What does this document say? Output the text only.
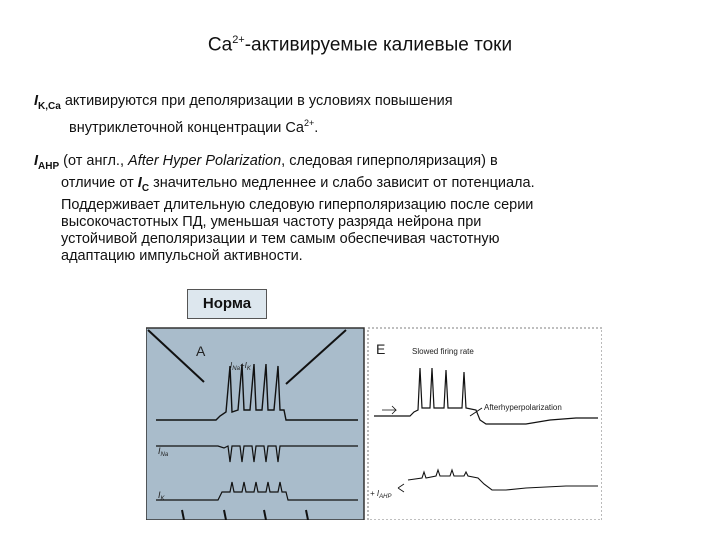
$Ca^{2+}$-активируемые калиевые токи
$I_{K,Ca}$ активируются при деполяризации в условиях повышения
внутриклеточной концентрации $Ca^{2+}$.
$I_{AHP}$ (от англ., After Hyper Polarization, следовая гиперполяризация) в
отличие от $I_C$ значительно медленнее и слабо зависит от потенциала.
Поддерживает длительную следовую гиперполяризацию после серии
высокочастотных ПД, уменьшая частоту разряда нейрона при
устойчивой деполяризации и тем самым обеспечивая частотную
адаптацию импульсной активности.
Норма
A
$I_{Na}+I_K$
$I_{Na}$
$I_K$
E	Slowed firing rate
Afterhyperpolarization
+ $I_{AHP}$
